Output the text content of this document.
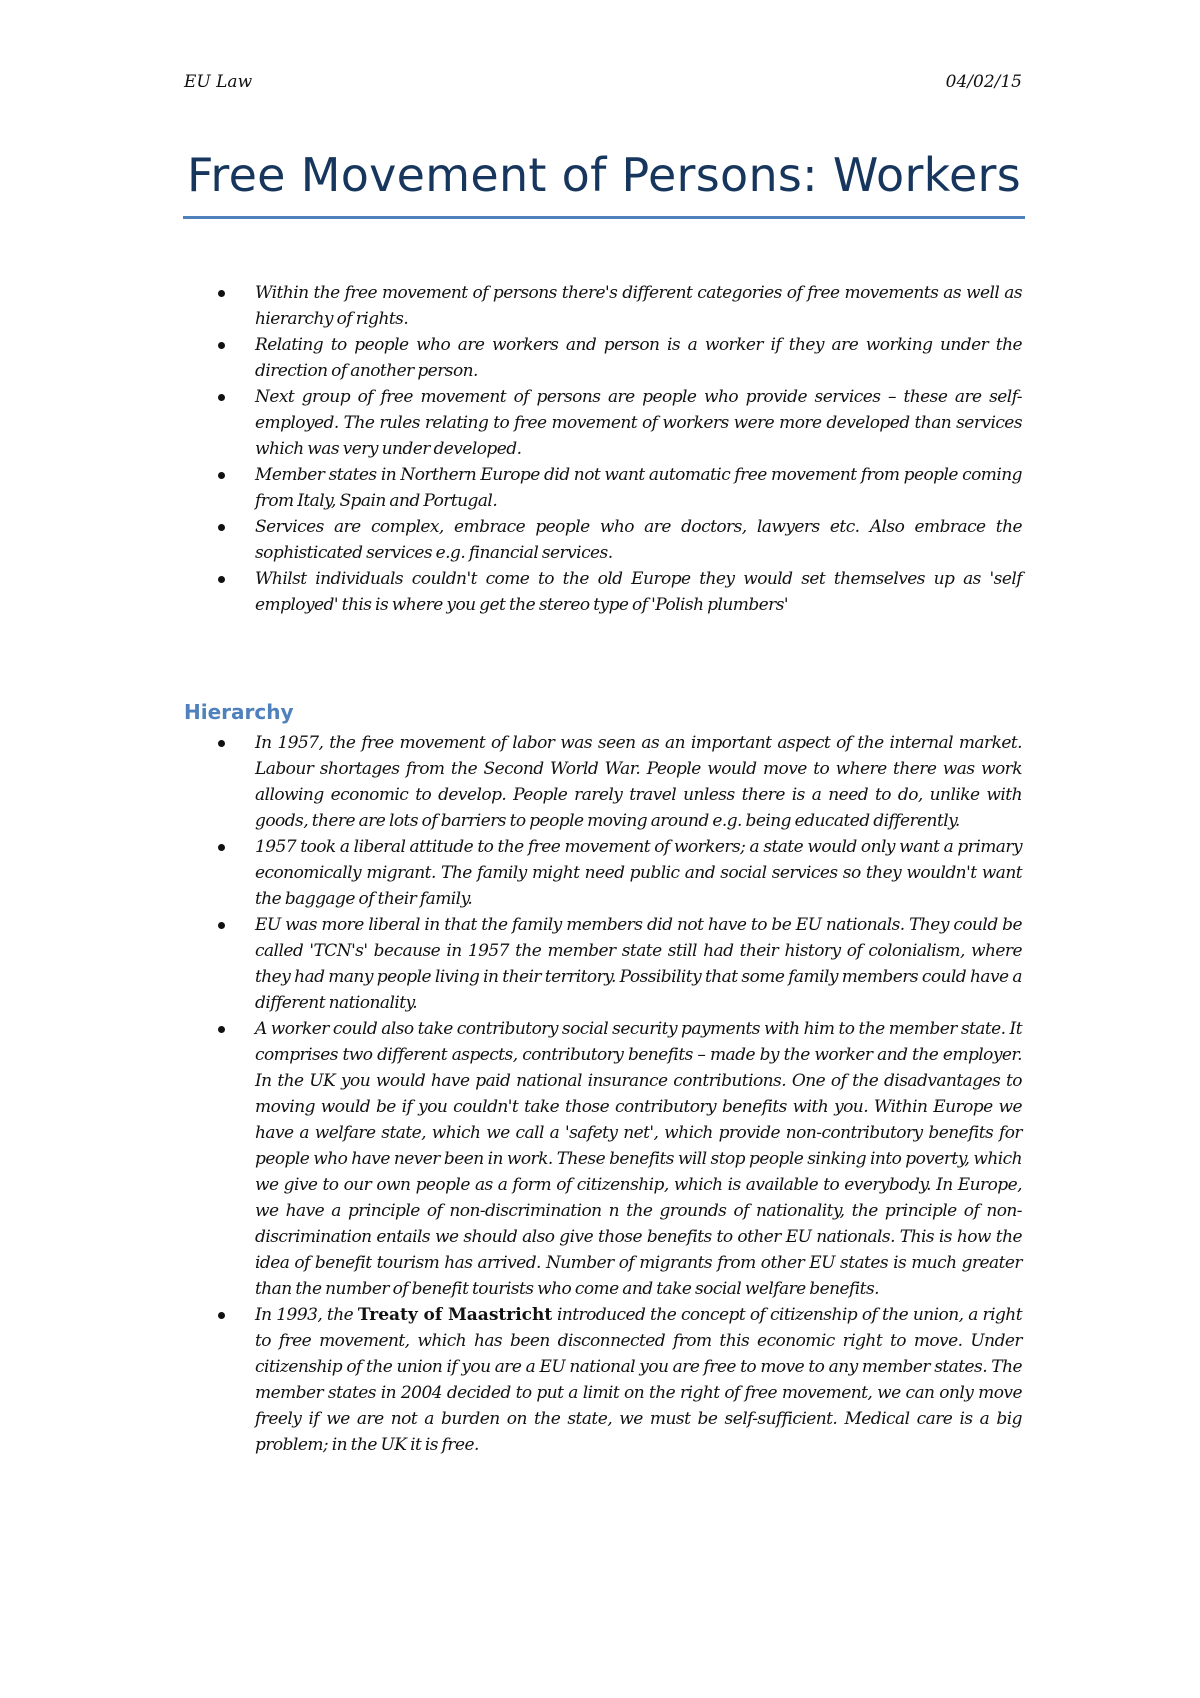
EU Law	04/02/15
Free Movement of Persons: Workers
Within the free movement of persons there's different categories of free movements as well as hierarchy of rights.
Relating to people who are workers and person is a worker if they are working under the direction of another person.
Next group of free movement of persons are people who provide services – these are self-employed. The rules relating to free movement of workers were more developed than services which was very under developed.
Member states in Northern Europe did not want automatic free movement from people coming from Italy, Spain and Portugal.
Services are complex, embrace people who are doctors, lawyers etc. Also embrace the sophisticated services e.g. financial services.
Whilst individuals couldn't come to the old Europe they would set themselves up as 'self employed' this is where you get the stereo type of 'Polish plumbers'
Hierarchy
In 1957, the free movement of labor was seen as an important aspect of the internal market. Labour shortages from the Second World War. People would move to where there was work allowing economic to develop. People rarely travel unless there is a need to do, unlike with goods, there are lots of barriers to people moving around e.g. being educated differently.
1957 took a liberal attitude to the free movement of workers; a state would only want a primary economically migrant. The family might need public and social services so they wouldn't want the baggage of their family.
EU was more liberal in that the family members did not have to be EU nationals. They could be called 'TCN's' because in 1957 the member state still had their history of colonialism, where they had many people living in their territory. Possibility that some family members could have a different nationality.
A worker could also take contributory social security payments with him to the member state. It comprises two different aspects, contributory benefits – made by the worker and the employer. In the UK you would have paid national insurance contributions. One of the disadvantages to moving would be if you couldn't take those contributory benefits with you. Within Europe we have a welfare state, which we call a 'safety net', which provide non-contributory benefits for people who have never been in work. These benefits will stop people sinking into poverty, which we give to our own people as a form of citizenship, which is available to everybody. In Europe, we have a principle of non-discrimination n the grounds of nationality, the principle of non-discrimination entails we should also give those benefits to other EU nationals. This is how the idea of benefit tourism has arrived. Number of migrants from other EU states is much greater than the number of benefit tourists who come and take social welfare benefits.
In 1993, the Treaty of Maastricht introduced the concept of citizenship of the union, a right to free movement, which has been disconnected from this economic right to move. Under citizenship of the union if you are a EU national you are free to move to any member states. The member states in 2004 decided to put a limit on the right of free movement, we can only move freely if we are not a burden on the state, we must be self-sufficient. Medical care is a big problem; in the UK it is free.
